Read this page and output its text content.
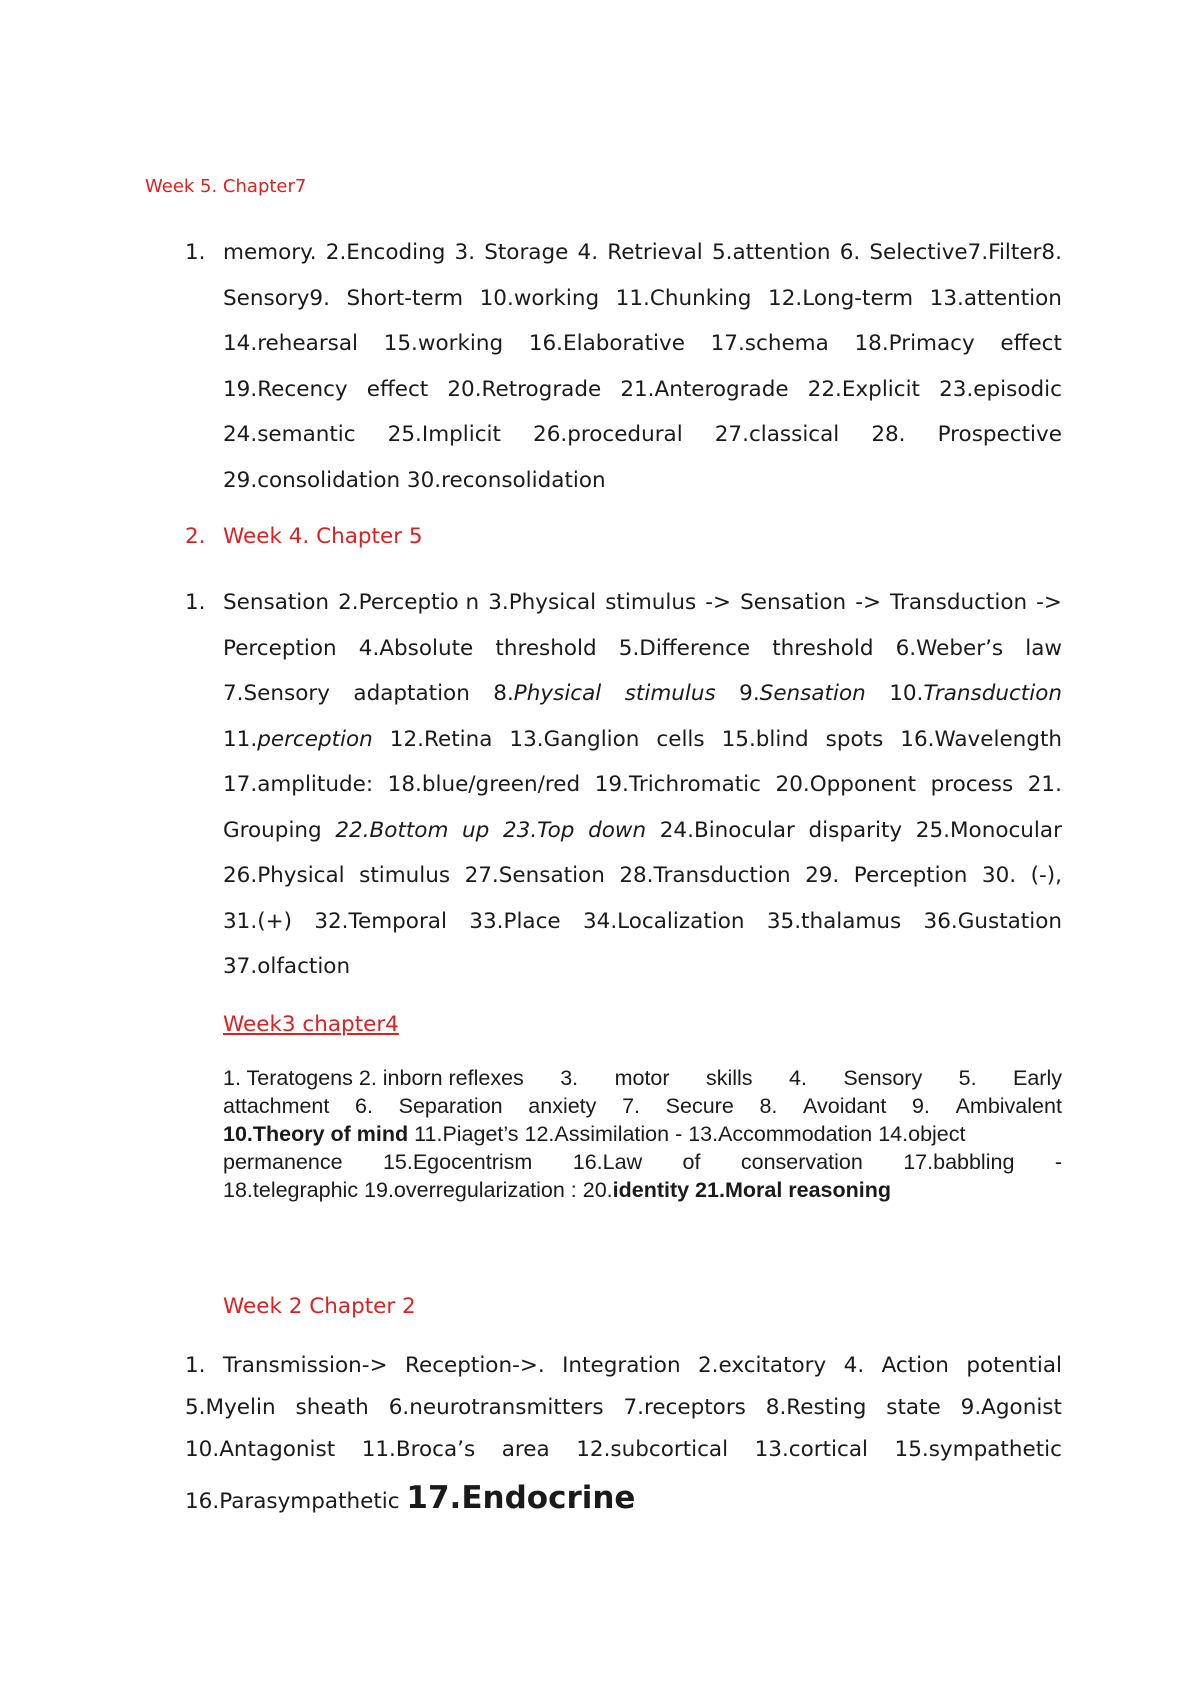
Week 5. Chapter7
1. memory. 2.Encoding 3. Storage 4. Retrieval 5.attention 6. Selective7.Filter8.
Sensory9. Short-term 10.working 11.Chunking 12.Long-term 13.attention
14.rehearsal 15.working 16.Elaborative 17.schema 18.Primacy effect
19.Recency effect 20.Retrograde 21.Anterograde 22.Explicit 23.episodic
24.semantic 25.Implicit 26.procedural 27.classical 28. Prospective
29.consolidation 30.reconsolidation
2. Week 4. Chapter 5
1. Sensation 2.Perceptio n 3.Physical stimulus -> Sensation -> Transduction ->
Perception 4.Absolute threshold 5.Difference threshold 6.Weber’s law
7.Sensory adaptation 8.Physical stimulus 9.Sensation 10.Transduction
11.perception 12.Retina 13.Ganglion cells 15.blind spots 16.Wavelength
17.amplitude: 18.blue/green/red 19.Trichromatic 20.Opponent process 21.
Grouping 22.Bottom up 23.Top down 24.Binocular disparity 25.Monocular
26.Physical stimulus 27.Sensation 28.Transduction 29. Perception 30. (-),
31.(+) 32.Temporal 33.Place 34.Localization 35.thalamus 36.Gustation
37.olfaction
Week3 chapter4
1. Teratogens 2. inborn reflexes 3. motor skills 4. Sensory 5. Early
attachment 6. Separation anxiety 7. Secure 8. Avoidant 9. Ambivalent
10.Theory of mind 11.Piaget’s 12.Assimilation - 13.Accommodation 14.object
permanence 15.Egocentrism 16.Law of conservation 17.babbling -
18.telegraphic 19.overregularization : 20. identity 21.Moral reasoning
Week 2 Chapter 2
1. Transmission-> Reception->. Integration 2.excitatory 4. Action potential
5.Myelin sheath 6.neurotransmitters 7.receptors 8.Resting state 9.Agonist
10.Antagonist 11.Broca’s area 12.subcortical 13.cortical 15.sympathetic
16.Parasympathetic 17.Endocrine
